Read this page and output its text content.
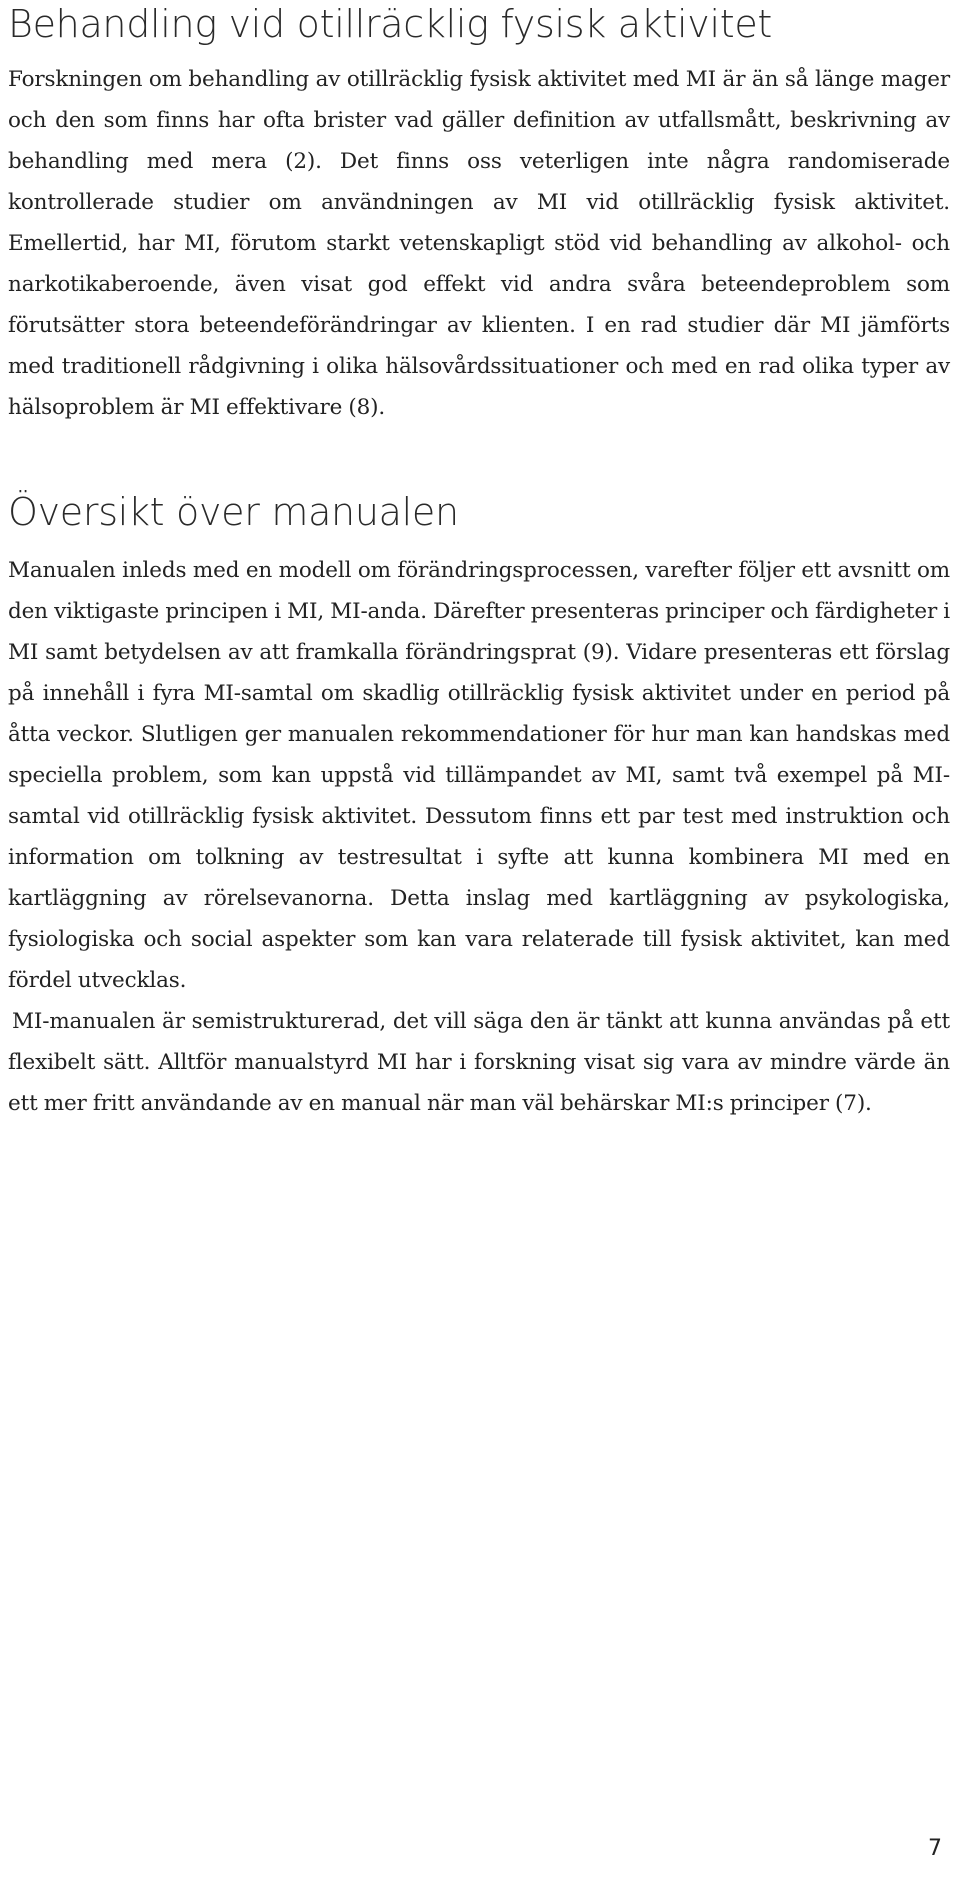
Behandling vid otillräcklig fysisk aktivitet

Forskningen om behandling av otillräcklig fysisk aktivitet med MI är än så länge mager och den som finns har ofta brister vad gäller definition av utfallsmått, beskrivning av behandling med mera (2). Det finns oss veterligen inte några randomiserade kontrollerade studier om användningen av MI vid otillräcklig fysisk aktivitet. Emellertid, har MI, förutom starkt vetenskapligt stöd vid behandling av alkohol- och narkotikaberoende, även visat god effekt vid andra svåra beteendeproblem som förutsätter stora beteendeförändringar av klienten. I en rad studier där MI jämförts med traditionell rådgivning i olika hälsovårdssituationer och med en rad olika typer av hälsoproblem är MI effektivare (8).

Översikt över manualen

Manualen inleds med en modell om förändringsprocessen, varefter följer ett avsnitt om den viktigaste principen i MI, MI-anda. Därefter presenteras principer och färdigheter i MI samt betydelsen av att framkalla förändringsprat (9). Vidare presenteras ett förslag på innehåll i fyra MI-samtal om skadlig otillräcklig fysisk aktivitet under en period på åtta veckor. Slutligen ger manualen rekommendationer för hur man kan handskas med speciella problem, som kan uppstå vid tillämpandet av MI, samt två exempel på MI-samtal vid otillräcklig fysisk aktivitet. Dessutom finns ett par test med instruktion och information om tolkning av testresultat i syfte att kunna kombinera MI med en kartläggning av rörelsevanorna. Detta inslag med kartläggning av psykologiska, fysiologiska och social aspekter som kan vara relaterade till fysisk aktivitet, kan med fördel utvecklas.

MI-manualen är semistrukturerad, det vill säga den är tänkt att kunna användas på ett flexibelt sätt. Alltför manualstyrd MI har i forskning visat sig vara av mindre värde än ett mer fritt användande av en manual när man väl behärskar MI:s principer (7).

7
